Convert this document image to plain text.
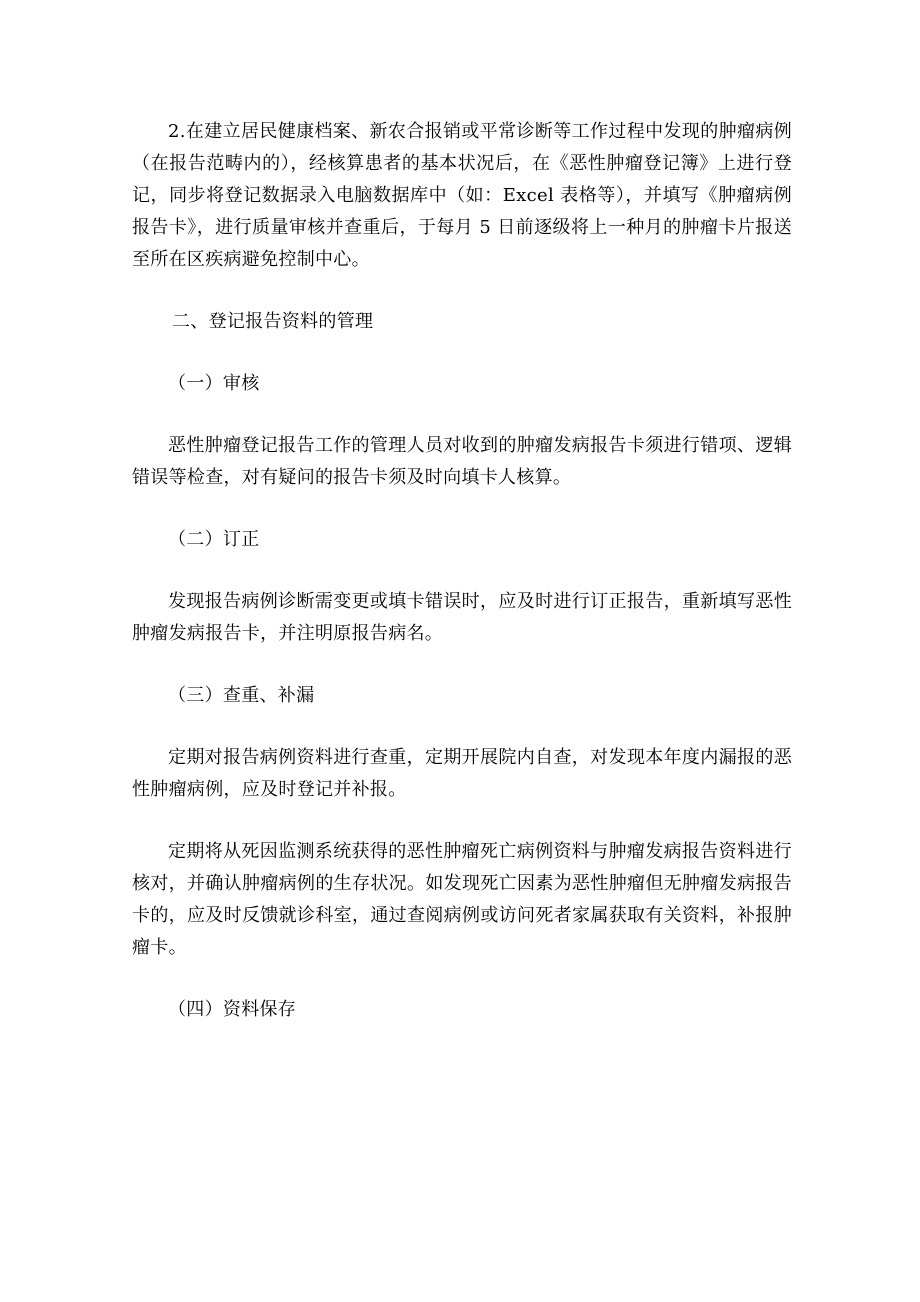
2.在建立居民健康档案、新农合报销或平常诊断等工作过程中发现的肿瘤病例（在报告范畴内的），经核算患者的基本状况后，在《恶性肿瘤登记簿》上进行登记，同步将登记数据录入电脑数据库中（如：Excel 表格等），并填写《肿瘤病例报告卡》，进行质量审核并查重后，于每月 5 日前逐级将上一种月的肿瘤卡片报送至所在区疾病避免控制中心。

二、登记报告资料的管理

（一）审核

恶性肿瘤登记报告工作的管理人员对收到的肿瘤发病报告卡须进行错项、逻辑错误等检查，对有疑问的报告卡须及时向填卡人核算。

（二）订正

发现报告病例诊断需变更或填卡错误时，应及时进行订正报告，重新填写恶性肿瘤发病报告卡，并注明原报告病名。

（三）查重、补漏

定期对报告病例资料进行查重，定期开展院内自查，对发现本年度内漏报的恶性肿瘤病例，应及时登记并补报。

定期将从死因监测系统获得的恶性肿瘤死亡病例资料与肿瘤发病报告资料进行核对，并确认肿瘤病例的生存状况。如发现死亡因素为恶性肿瘤但无肿瘤发病报告卡的，应及时反馈就诊科室，通过查阅病例或访问死者家属获取有关资料，补报肿瘤卡。

（四）资料保存
